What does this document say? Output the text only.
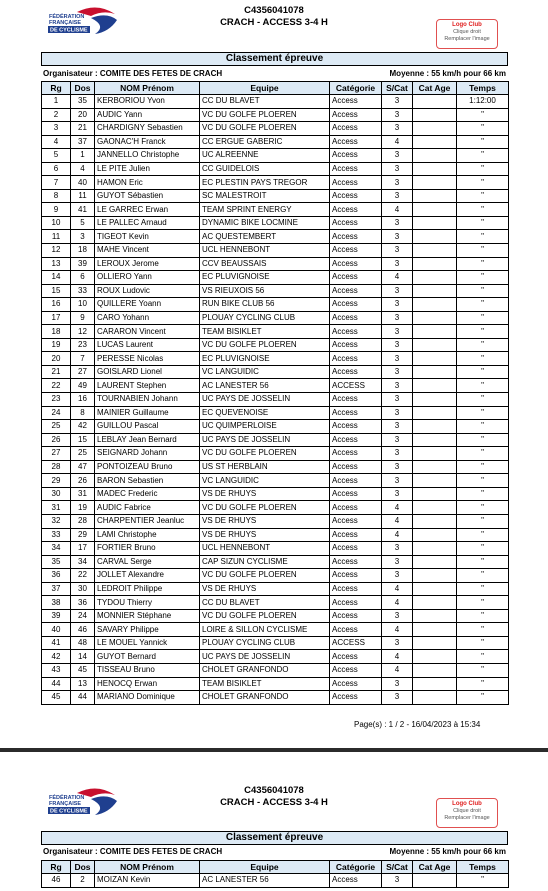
FÉDÉRATION
FRANÇAISE
DE CYCLISME
C4356041078
CRACH - ACCESS 3-4 H	Logo Club
Clique droit
Remplacer l'image
Classement épreuve
Organisateur : COMITE DES FETES DE CRACH	Moyenne : 55 km/h pour 66 km
Rg	Dos	NOM Prénom	Equipe	Catégorie	S/Cat	Cat Age	Temps
1	35	KERBORIOU Yvon	CC DU BLAVET	Access	3		1:12:00
2	20	AUDIC Yann	VC DU GOLFE PLOEREN	Access	3		"
3	21	CHARDIGNY Sebastien	VC DU GOLFE PLOEREN	Access	3		"
4	37	GAONAC'H Franck	CC ERGUE GABERIC	Access	4		"
5	1	JANNELLO Christophe	UC ALREENNE	Access	3		"
6	4	LE PITE Julien	CC GUIDELOIS	Access	3		"
7	40	HAMON Eric	EC PLESTIN PAYS TREGOR	Access	3		"
8	11	GUYOT Sébastien	SC MALESTROIT	Access	3		"
9	41	LE GARREC Erwan	TEAM SPRINT ENERGY	Access	4		"
10	5	LE PALLEC Arnaud	DYNAMIC BIKE LOCMINE	Access	3		"
11	3	TIGEOT Kevin	AC QUESTEMBERT	Access	3		"
12	18	MAHE Vincent	UCL HENNEBONT	Access	3		"
13	39	LEROUX Jerome	CCV BEAUSSAIS	Access	3		"
14	6	OLLIERO Yann	EC PLUVIGNOISE	Access	4		"
15	33	ROUX Ludovic	VS RIEUXOIS 56	Access	3		"
16	10	QUILLERE Yoann	RUN BIKE CLUB 56	Access	3		"
17	9	CARO Yohann	PLOUAY CYCLING CLUB	Access	3		"
18	12	CARARON Vincent	TEAM BISIKLET	Access	3		"
19	23	LUCAS Laurent	VC DU GOLFE PLOEREN	Access	3		"
20	7	PERESSE Nicolas	EC PLUVIGNOISE	Access	3		"
21	27	GOISLARD Lionel	VC LANGUIDIC	Access	3		"
22	49	LAURENT Stephen	AC LANESTER 56	ACCESS	3		"
23	16	TOURNABIEN Johann	UC PAYS DE JOSSELIN	Access	3		"
24	8	MAINIER Guillaume	EC QUEVENOISE	Access	3		"
25	42	GUILLOU Pascal	UC QUIMPERLOISE	Access	3		"
26	15	LEBLAY Jean Bernard	UC PAYS DE JOSSELIN	Access	3		"
27	25	SEIGNARD Johann	VC DU GOLFE PLOEREN	Access	3		"
28	47	PONTOIZEAU Bruno	US ST HERBLAIN	Access	3		"
29	26	BARON Sebastien	VC LANGUIDIC	Access	3		"
30	31	MADEC Frederic	VS DE RHUYS	Access	3		"
31	19	AUDIC Fabrice	VC DU GOLFE PLOEREN	Access	4		"
32	28	CHARPENTIER Jeanluc	VS DE RHUYS	Access	4		"
33	29	LAMI Christophe	VS DE RHUYS	Access	4		"
34	17	FORTIER Bruno	UCL HENNEBONT	Access	3		"
35	34	CARVAL Serge	CAP SIZUN CYCLISME	Access	3		"
36	22	JOLLET Alexandre	VC DU GOLFE PLOEREN	Access	3		"
37	30	LEDROIT Philippe	VS DE RHUYS	Access	4		"
38	36	TYDOU Thierry	CC DU BLAVET	Access	4		"
39	24	MONNIER Stéphane	VC DU GOLFE PLOEREN	Access	3		"
40	46	SAVARY Philippe	LOIRE & SILLON CYCLISME	Access	4		"
41	48	LE MOUEL Yannick	PLOUAY CYCLING CLUB	ACCESS	3		"
42	14	GUYOT Bernard	UC PAYS DE JOSSELIN	Access	4		"
43	45	TISSEAU Bruno	CHOLET GRANFONDO	Access	4		"
44	13	HENOCQ Erwan	TEAM BISIKLET	Access	3		"
45	44	MARIANO Dominique	CHOLET GRANFONDO	Access	3		"
Page(s) : 1 / 2 - 16/04/2023 à 15:34
FÉDÉRATION
FRANÇAISE
DE CYCLISME
C4356041078
CRACH - ACCESS 3-4 H	Logo Club
Clique droit
Remplacer l'image
Classement épreuve
Organisateur : COMITE DES FETES DE CRACH	Moyenne : 55 km/h pour 66 km
Rg	Dos	NOM Prénom	Equipe	Catégorie	S/Cat	Cat Age	Temps
46	2	MOIZAN Kevin	AC LANESTER 56	Access	3		"
